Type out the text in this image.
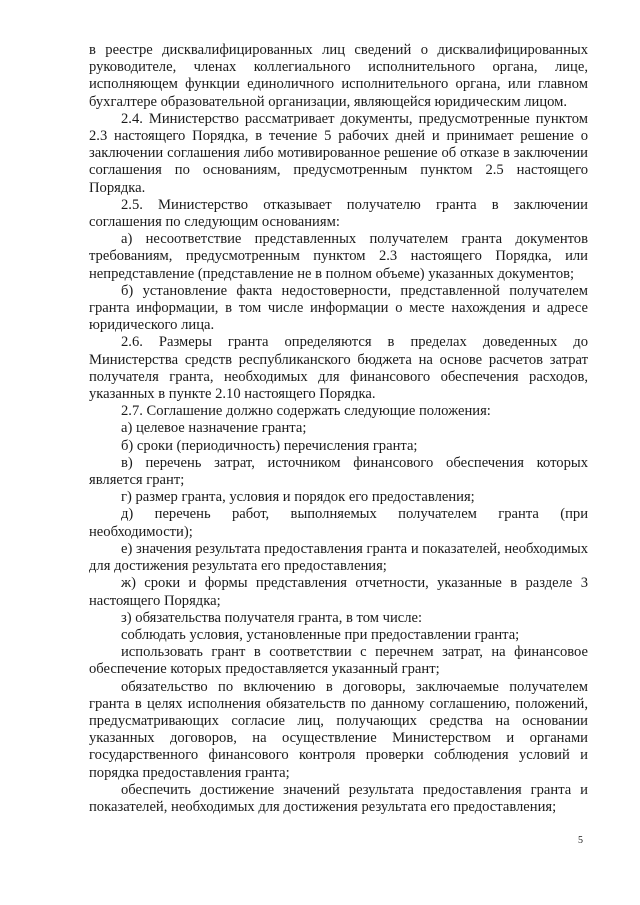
в реестре дисквалифицированных лиц сведений о дисквалифицированных руководителе, членах коллегиального исполнительного органа, лице, исполняющем функции единоличного исполнительного органа, или главном бухгалтере образовательной организации, являющейся юридическим лицом.

2.4. Министерство рассматривает документы, предусмотренные пунктом 2.3 настоящего Порядка, в течение 5 рабочих дней и принимает решение о заключении соглашения либо мотивированное решение об отказе в заключении соглашения по основаниям, предусмотренным пунктом 2.5 настоящего Порядка.

2.5. Министерство отказывает получателю гранта в заключении соглашения по следующим основаниям:

а) несоответствие представленных получателем гранта документов требованиям, предусмотренным пунктом 2.3 настоящего Порядка, или непредставление (представление не в полном объеме) указанных документов;

б) установление факта недостоверности, представленной получателем гранта информации, в том числе информации о месте нахождения и адресе юридического лица.

2.6. Размеры гранта определяются в пределах доведенных до Министерства средств республиканского бюджета на основе расчетов затрат получателя гранта, необходимых для финансового обеспечения расходов, указанных в пункте 2.10 настоящего Порядка.

2.7. Соглашение должно содержать следующие положения:

а) целевое назначение гранта;

б) сроки (периодичность) перечисления гранта;

в) перечень затрат, источником финансового обеспечения которых является грант;

г) размер гранта, условия и порядок его предоставления;

д) перечень работ, выполняемых получателем гранта (при необходимости);

е) значения результата предоставления гранта и показателей, необходимых для достижения результата его предоставления;

ж) сроки и формы представления отчетности, указанные в разделе 3 настоящего Порядка;

з) обязательства получателя гранта, в том числе:

соблюдать условия, установленные при предоставлении гранта;

использовать грант в соответствии с перечнем затрат, на финансовое обеспечение которых предоставляется указанный грант;

обязательство по включению в договоры, заключаемые получателем гранта в целях исполнения обязательств по данному соглашению, положений, предусматривающих согласие лиц, получающих средства на основании указанных договоров, на осуществление Министерством и органами государственного финансового контроля проверки соблюдения условий и порядка предоставления гранта;

обеспечить достижение значений результата предоставления гранта и показателей, необходимых для достижения результата его предоставления;

5
